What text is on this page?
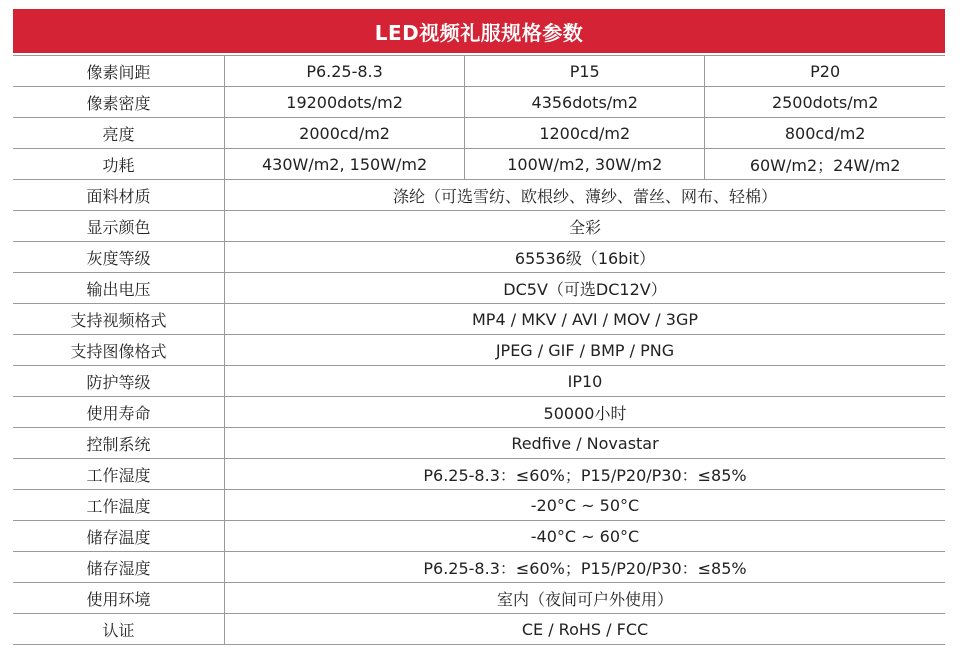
LED视频礼服规格参数
像素间距	P6.25-8.3	P15	P20
像素密度	19200dots/m2	4356dots/m2	2500dots/m2
亮度	2000cd/m2	1200cd/m2	800cd/m2
功耗	430W/m2, 150W/m2	100W/m2, 30W/m2	60W/m2；24W/m2
面料材质	涤纶（可选雪纺、欧根纱、薄纱、蕾丝、网布、轻棉）		
显示颜色	全彩		
灰度等级	65536级（16bit）		
输出电压	DC5V（可选DC12V）		
支持视频格式	MP4 / MKV / AVI / MOV / 3GP		
支持图像格式	JPEG / GIF / BMP / PNG		
防护等级	IP10		
使用寿命	50000小时		
控制系统	Redfive / Novastar		
工作湿度	P6.25-8.3：≤60%；P15/P20/P30：≤85%		
工作温度	-20°C ~ 50°C		
储存温度	-40°C ~ 60°C		
储存湿度	P6.25-8.3：≤60%；P15/P20/P30：≤85%		
使用环境	室内（夜间可户外使用）		
认证	CE / RoHS / FCC		
